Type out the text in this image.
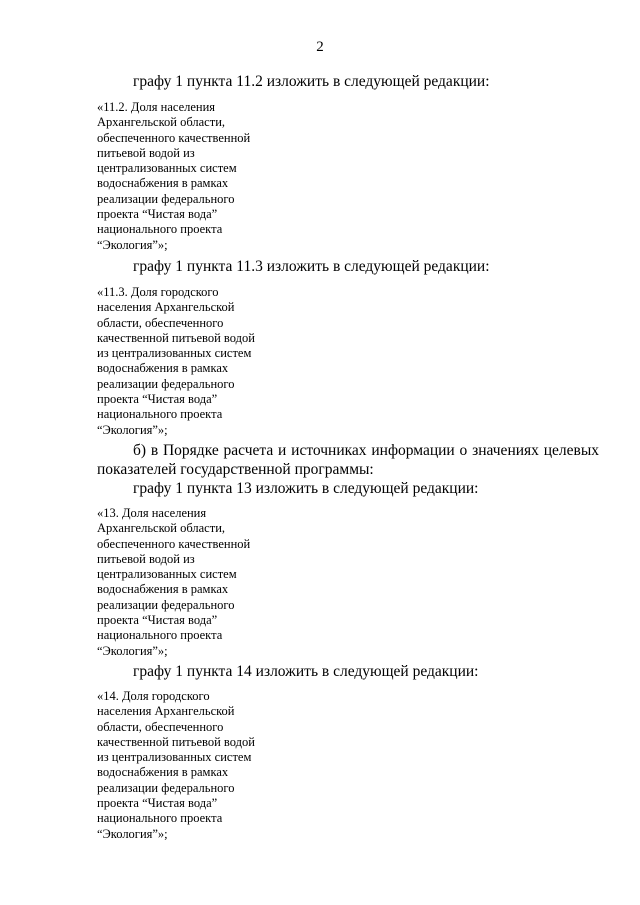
2
графу 1 пункта 11.2 изложить в следующей редакции:
«11.2. Доля населения
Архангельской области,
обеспеченного качественной
питьевой водой из
централизованных систем
водоснабжения в рамках
реализации федерального
проекта “Чистая вода”
национального проекта
“Экология”»;
графу 1 пункта 11.3 изложить в следующей редакции:
«11.3. Доля городского
населения Архангельской
области, обеспеченного
качественной питьевой водой
из централизованных систем
водоснабжения в рамках
реализации федерального
проекта “Чистая вода”
национального проекта
“Экология”»;
б) в Порядке расчета и источниках информации о значениях целевых
показателей государственной программы:
графу 1 пункта 13 изложить в следующей редакции:
«13. Доля населения
Архангельской области,
обеспеченного качественной
питьевой водой из
централизованных систем
водоснабжения в рамках
реализации федерального
проекта “Чистая вода”
национального проекта
“Экология”»;
графу 1 пункта 14 изложить в следующей редакции:
«14. Доля городского
населения Архангельской
области, обеспеченного
качественной питьевой водой
из централизованных систем
водоснабжения в рамках
реализации федерального
проекта “Чистая вода”
национального проекта
“Экология”»;
